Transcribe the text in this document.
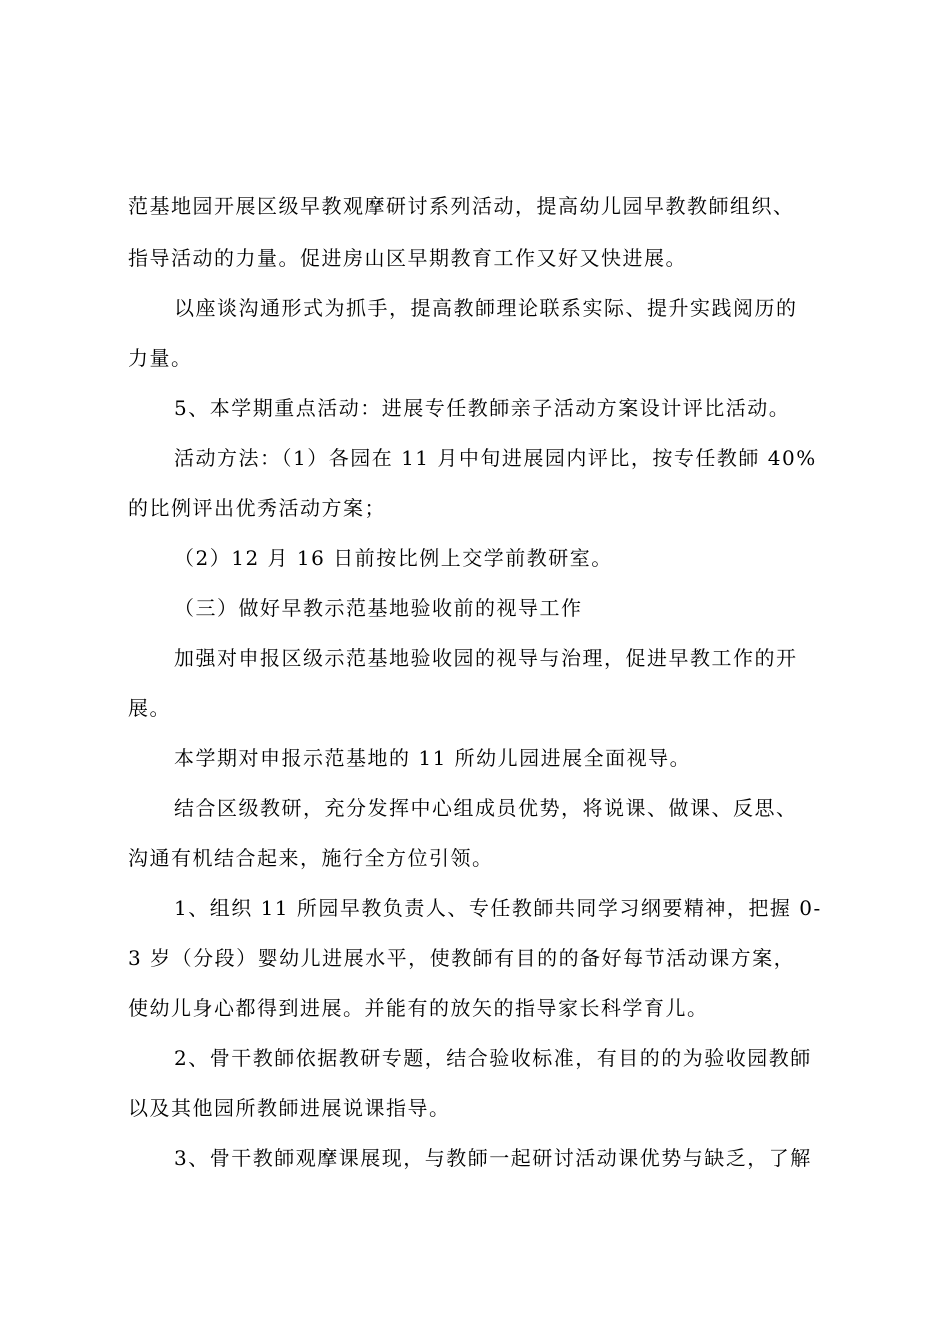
范基地园开展区级早教观摩研讨系列活动，提高幼儿园早教教師组织、
指导活动的力量。促进房山区早期教育工作又好又快进展。
以座谈沟通形式为抓手，提高教師理论联系实际、提升实践阅历的
力量。
5、本学期重点活动：进展专任教師亲子活动方案设计评比活动。
活动方法：（1）各园在 11 月中旬进展园内评比，按专任教師 40%
的比例评出优秀活动方案；
（2）12 月 16 日前按比例上交学前教研室。
（三）做好早教示范基地验收前的视导工作
加强对申报区级示范基地验收园的视导与治理，促进早教工作的开
展。
本学期对申报示范基地的 11 所幼儿园进展全面视导。
结合区级教研，充分发挥中心组成员优势，将说课、做课、反思、
沟通有机结合起来，施行全方位引领。
1、组织 11 所园早教负责人、专任教師共同学习纲要精神，把握 0-
3 岁（分段）婴幼儿进展水平，使教師有目的的备好每节活动课方案，
使幼儿身心都得到进展。并能有的放矢的指导家长科学育儿。
2、骨干教師依据教研专题，结合验收标准，有目的的为验收园教師
以及其他园所教師进展说课指导。
3、骨干教師观摩课展现，与教師一起研讨活动课优势与缺乏，了解
